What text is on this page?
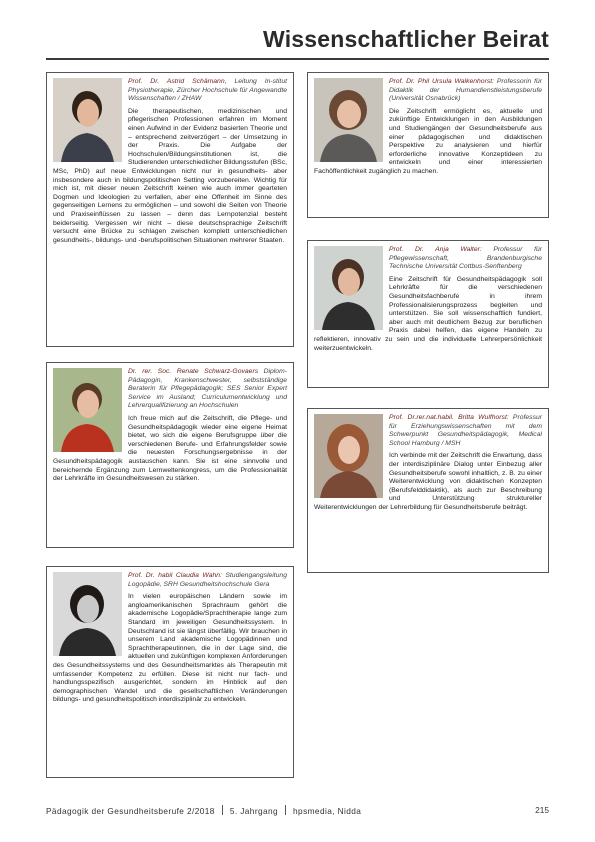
Wissenschaftlicher Beirat
Prof. Dr. Astrid Schämann, Leitung In-stitut Physiotherapie, Zürcher Hochschule für Angewandte Wissenschaften / ZHAW
Die therapeutischen, medizinischen und pflegerischen Professionen erfahren im Moment einen Aufwind in der Evidenz basierten Theorie und – entsprechend zeitverzögert – der Umsetzung in der Praxis. Die Aufgabe der Hochschulen/Bildungsinstitutionen ist, die Studierenden unterschiedlicher Bildungsstufen (BSc, MSc, PhD) auf neue Entwicklungen nicht nur in gesundheits- aber insbesondere auch in bildungspolitischen Setting vorzubereiten. Wichtig für mich ist, mit dieser neuen Zeitschrift keinen wie auch immer gearteten Dogmen und Ideologien zu verfallen, aber eine Offenheit im Sinne des gegenseitigen Lernens zu ermöglichen – und sowohl die Seiten von Theorie und Praxiseinflüssen zu lassen – denn das Lernpotenzial besteht beiderseitig. Vergessen wir nicht – diese deutschsprachige Zeitschrift versucht eine Brücke zu schlagen zwischen komplett unterschiedlichen gesundheits-, bildungs- und -berufspolitischen Situationen mehrerer Staaten.
Prof. Dr. Phil Ursula Walkenhorst: Professorin für Didaktik der Humandienstleistungsberufe (Universität Osnabrück)
Die Zeitschrift ermöglicht es, aktuelle und zukünftige Entwicklungen in den Ausbildungen und Studiengängen der Gesundheitsberufe aus einer pädagogischen und didaktischen Perspektive zu analysieren und hierfür erforderliche innovative Konzeptideen zu entwickeln und einer interessierten Fachöffentlichkeit zugänglich zu machen.
Prof. Dr. Anja Walter: Professur für Pflegewissenschaft, Brandenburgische Technische Universität Cottbus-Senftenberg
Eine Zeitschrift für Gesundheitspädagogik soll Lehrkräfte für die verschiedenen Gesundheitsfachberufe in ihrem Professionalisierungsprozess begleiten und unterstützen. Sie soll wissenschaftlich fundiert, aber auch mit deutlichem Bezug zur beruflichen Praxis dabei helfen, das eigene Handeln zu reflektieren, innovativ zu sein und die individuelle Lehrerpersönlichkeit weiterzuentwickeln.
Dr. rer. Soc. Renate Schwarz-Govaers Diplom-Pädagogin, Krankenschwester, selbstständige Beraterin für Pflegepädagogik; SES Senior Expert Service im Ausland; Curriculumentwicklung und Lehrerqualifizierung an Hochschulen
Ich freue mich auf die Zeitschrift, die Pflege- und Gesundheitspädagogik wieder eine eigene Heimat bietet, wo sich die eigene Berufsgruppe über die verschiedenen Berufe- und Erfahrungsfelder sowie die neuesten Forschungsergebnisse in der Gesundheitspädagogik austauschen kann. Sie ist eine sinnvolle und bereichernde Ergänzung zum Lernweltenkongress, um die Professionalität der Lehrkräfte im Gesundheitswesen zu stärken.
Prof. Dr.rer.nat.habil. Britta Wulfhorst: Professur für Erziehungswissenschaften mit dem Schwerpunkt Gesundheitspädagogik, Medical School Hamburg / MSH
Ich verbinde mit der Zeitschrift die Erwartung, dass der interdisziplinäre Dialog unter Einbezug aller Gesundheitsberufe sowohl inhaltlich, z. B. zu einer Weiterentwicklung von didaktischen Konzepten (Berufsfelddidaktik), als auch zur Beschreibung und Unterstützung struktureller Weiterentwicklungen der Lehrerbildung für Gesundheitsberufe beiträgt.
Prof. Dr. habil Claudia Wahn: Studiengangsleitung Logopädie, SRH Gesundheitshochschule Gera
In vielen europäischen Ländern sowie im angloamerikanischen Sprachraum gehört die akademische Logopädie/Sprachtherapie lange zum Standard im jeweiligen Gesundheitssystem. In Deutschland ist sie längst überfällig. Wir brauchen in unserem Land akademische Logopädinnen und Sprachtherapeutinnen, die in der Lage sind, die aktuellen und zukünftigen komplexen Anforderungen des Gesundheitssystems und des Gesundheitsmarktes als Therapeutin mit umfassender Kompetenz zu erfüllen. Diese ist nicht nur fach- und handlungsspezifisch ausgerichtet, sondern im Hinblick auf den demographischen Wandel und die gesellschaftlichen Veränderungen bildungs- und gesundheitspolitisch interdisziplinär zu entwickeln.
Pädagogik der Gesundheitsberufe 2/2018 5. Jahrgang hpsmedia, Nidda	215
